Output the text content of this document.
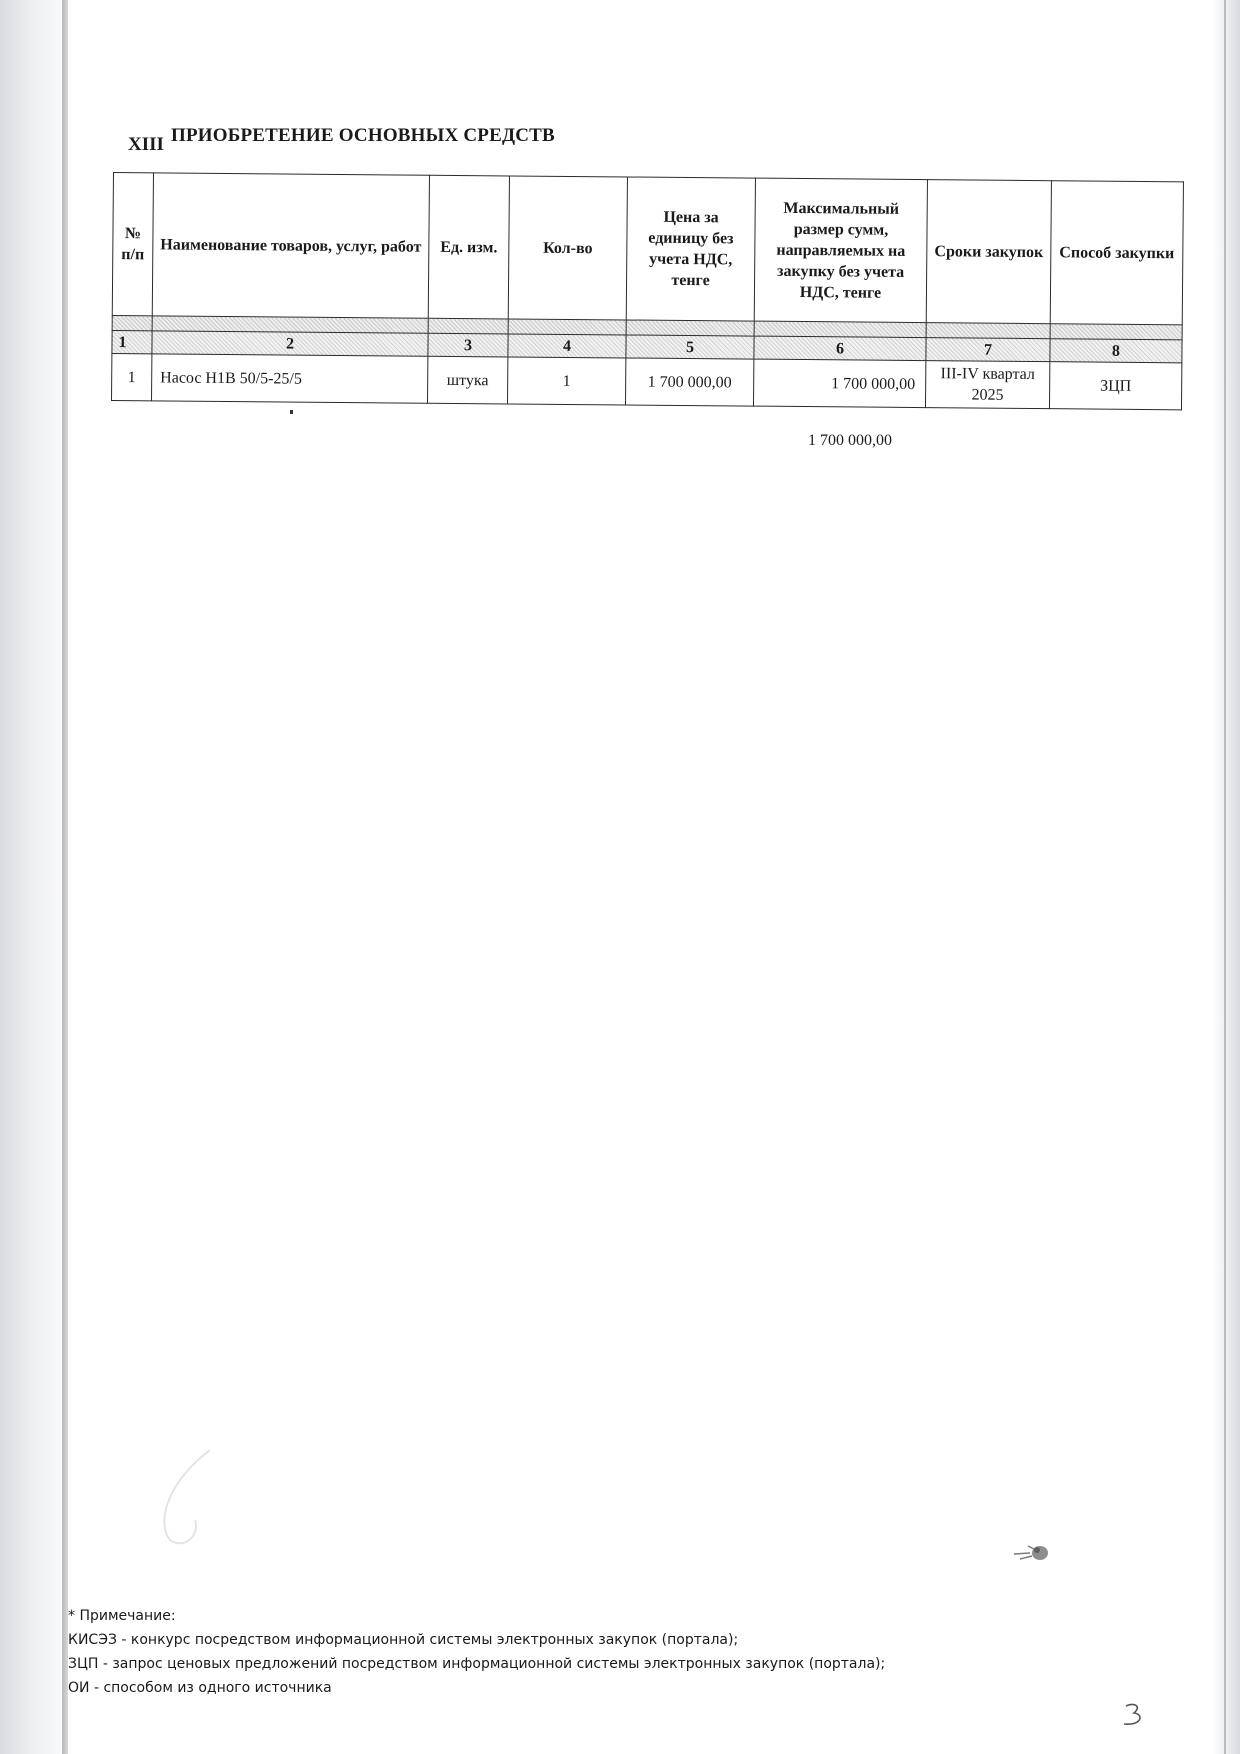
XIII ПРИОБРЕТЕНИЕ ОСНОВНЫХ СРЕДСТВ
№ п/п	Наименование товаров, услуг, работ	Ед. изм.	Кол-во	Цена за единицу без учета НДС, тенге	Максимальный размер сумм, направляемых на закупку без учета НДС, тенге	Сроки закупок	Способ закупки

1	2	3	4	5	6	7	8
1	Насос Н1В 50/5-25/5	штука	1	1 700 000,00	1 700 000,00	III-IV квартал 2025	ЗЦП
1 700 000,00
* Примечание:
КИСЭЗ - конкурс посредством информационной системы электронных закупок (портала);
ЗЦП - запрос ценовых предложений посредством информационной системы электронных закупок (портала);
ОИ - способом из одного источника
